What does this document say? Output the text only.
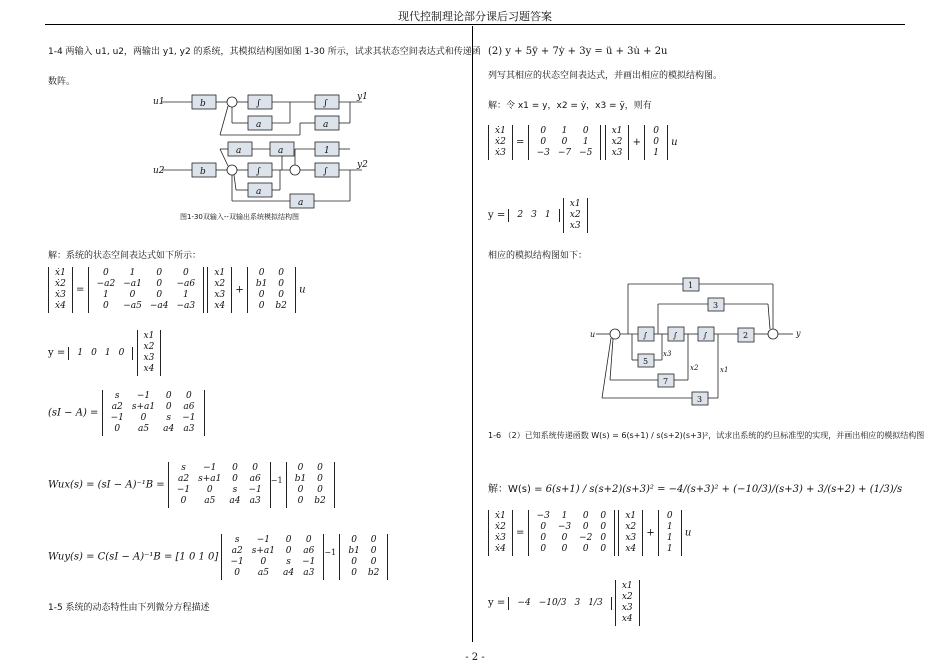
现代控制理论部分课后习题答案
- 2 -
1-4 两输入 u1, u2，两输出 y1, y2 的系统，其模拟结构图如图 1-30 所示，试求其状态空间表达式和传递函
数阵。
u1
u2
y1
y2
b
b
∫	∫
∫	∫
a	a
a	a	1
a
a
图1-30双输入--双输出系统模拟结构图
解：系统的状态空间表达式如下所示：
ẋ1
ẋ2
ẋ3
ẋ4
=
0	1	0	0
−a2	−a1	0	−a6
1	0	0	1
0	−a5	−a4	−a3

x1
x2
x3
x4
+
0	0
b1	0
0	0
0	b2
u
y = 1	0	1	0

x1
x2
x3
x4
(sI − A) =
s	−1	0	0
a2	s+a1	0	a6
−1	0	s	−1
0	a5	a4	a3
Wux(s) = (sI − A)⁻¹B =
s	−1	0	0
a2	s+a1	0	a6
−1	0	s	−1
0	a5	a4	a3
$^{-1}$
0	0
b1	0
0	0
0	b2
Wuy(s) = C(sI − A)⁻¹B = [1 0 1 0]
s	−1	0	0
a2	s+a1	0	a6
−1	0	s	−1
0	a5	a4	a3
$^{-1}$
0	0
b1	0
0	0
0	b2
1-5 系统的动态特性由下列微分方程描述
(2) y + 5ÿ + 7ẏ + 3y = ü + 3u̇ + 2u
列写其相应的状态空间表达式，并画出相应的模拟结构图。
解：令 x1 = y，x2 = ẏ，x3 = ÿ，则有
ẋ1
ẋ2
ẋ3
=
0	1	0
0	0	1
−3	−7	−5

x1
x2
x3
+
0
0
1
u
y = 2	3	1

x1
x2
x3
相应的模拟结构图如下：
u	y
∫	∫	∫
1
2
3
5
7
3
x3
x2	x1
1-6 （2）已知系统传递函数 W(s) = 6(s+1) / s(s+2)(s+3)²，试求出系统的约旦标准型的实现，并画出相应的模拟结构图
解：W(s) = 6(s+1) / s(s+2)(s+3)² = −4/(s+3)² + (−10/3)/(s+3) + 3/(s+2) + (1/3)/s
ẋ1
ẋ2
ẋ3
ẋ4
=
−3	1	0	0
0	−3	0	0
0	0	−2	0
0	0	0	0

x1
x2
x3
x4
+
0
1
1
1
u
y = −4	−10/3	3	1/3

x1
x2
x3
x4
